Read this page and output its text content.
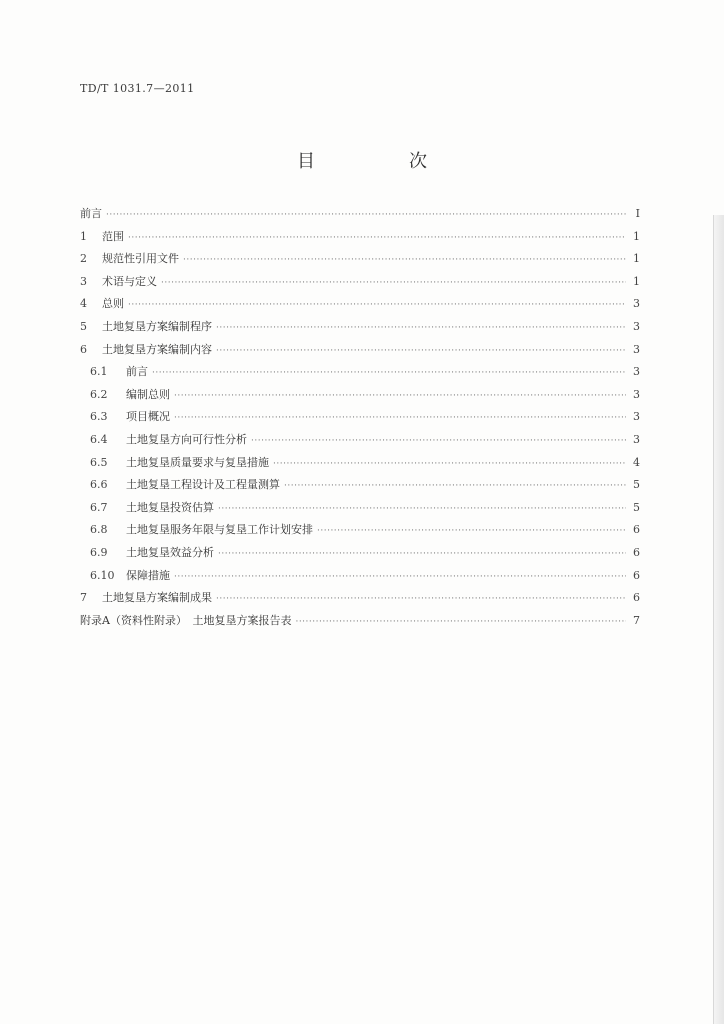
TD/T 1031.7—2011
目　次
前言 ·····	Ⅰ
1	范围 ·····	1
2	规范性引用文件 ·····	1
3	术语与定义 ·····	1
4	总则 ·····	3
5	土地复垦方案编制程序 ·····	3
6	土地复垦方案编制内容 ·····	3
6.1	前言 ·····	3
6.2	编制总则 ·····	3
6.3	项目概况 ·····	3
6.4	土地复垦方向可行性分析 ·····	3
6.5	土地复垦质量要求与复垦措施 ·····	4
6.6	土地复垦工程设计及工程量测算 ·····	5
6.7	土地复垦投资估算 ·····	5
6.8	土地复垦服务年限与复垦工作计划安排 ·····	6
6.9	土地复垦效益分析 ·····	6
6.10	保障措施 ·····	6
7	土地复垦方案编制成果 ·····	6
附录A（资料性附录）　土地复垦方案报告表 ·····	7
